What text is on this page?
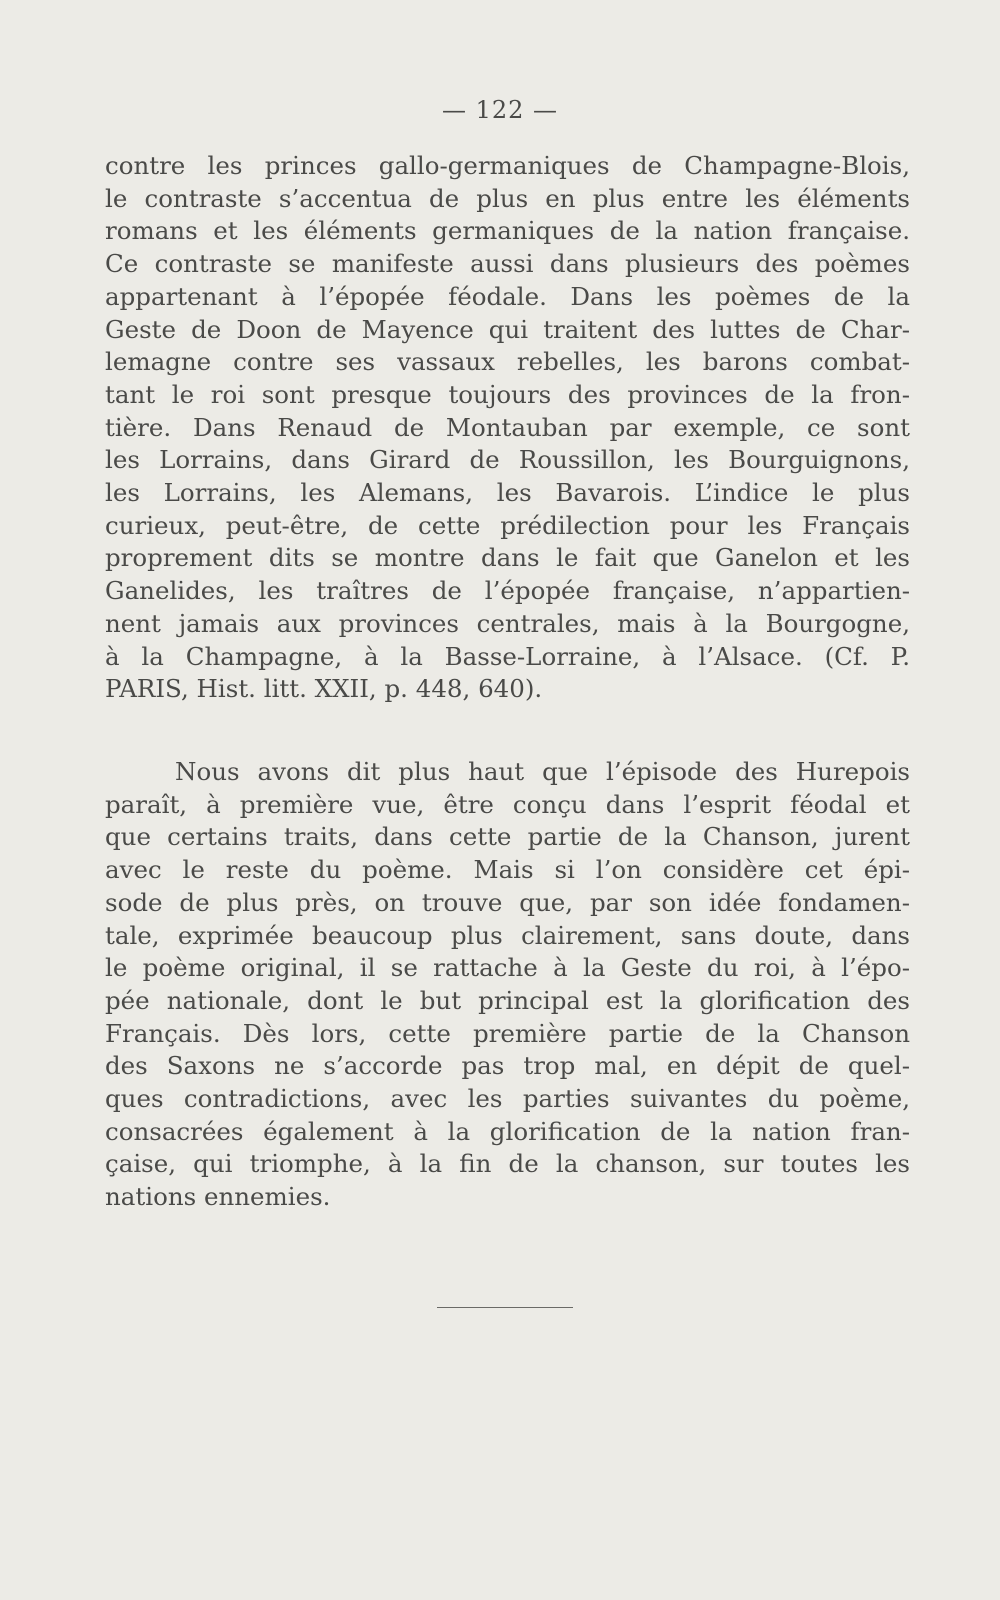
— 122 —
contre les princes gallo-germaniques de Champagne-Blois,
le contraste s’accentua de plus en plus entre les éléments
romans et les éléments germaniques de la nation française.
Ce contraste se manifeste aussi dans plusieurs des poèmes
appartenant à l’épopée féodale. Dans les poèmes de la
Geste de Doon de Mayence qui traitent des luttes de Char-
lemagne contre ses vassaux rebelles, les barons combat-
tant le roi sont presque toujours des provinces de la fron-
tière. Dans Renaud de Montauban par exemple, ce sont
les Lorrains, dans Girard de Roussillon, les Bourguignons,
les Lorrains, les Alemans, les Bavarois. L’indice le plus
curieux, peut-être, de cette prédilection pour les Français
proprement dits se montre dans le fait que Ganelon et les
Ganelides, les traîtres de l’épopée française, n’appartien-
nent jamais aux provinces centrales, mais à la Bourgogne,
à la Champagne, à la Basse-Lorraine, à l’Alsace. (Cf. P.
PARIS, Hist. litt. XXII, p. 448, 640).
Nous avons dit plus haut que l’épisode des Hurepois
paraît, à première vue, être conçu dans l’esprit féodal et
que certains traits, dans cette partie de la Chanson, jurent
avec le reste du poème. Mais si l’on considère cet épi-
sode de plus près, on trouve que, par son idée fondamen-
tale, exprimée beaucoup plus clairement, sans doute, dans
le poème original, il se rattache à la Geste du roi, à l’épo-
pée nationale, dont le but principal est la glorification des
Français. Dès lors, cette première partie de la Chanson
des Saxons ne s’accorde pas trop mal, en dépit de quel-
ques contradictions, avec les parties suivantes du poème,
consacrées également à la glorification de la nation fran-
çaise, qui triomphe, à la fin de la chanson, sur toutes les
nations ennemies.
